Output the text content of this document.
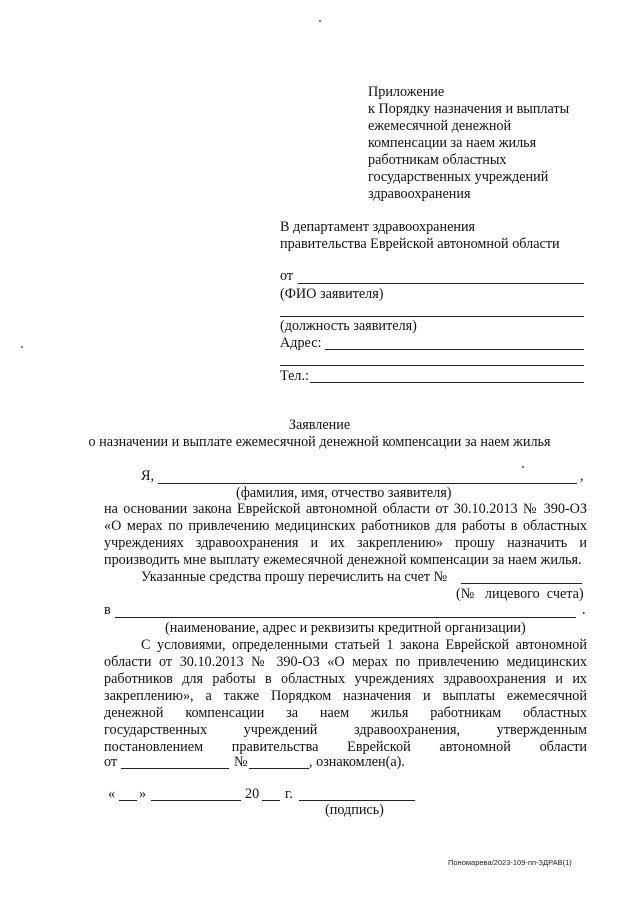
Приложение
к Порядку назначения и выплаты
ежемесячной денежной
компенсации за наем жилья
работникам областных
государственных учреждений
здравоохранения
В департамент здравоохранения
правительства Еврейской автономной области
от
(ФИО заявителя)
(должность заявителя)
Адрес:
Тел.:
Заявление
о назначении и выплате ежемесячной денежной компенсации за наем жилья
Я,	,
(фамилия, имя, отчество заявителя)
на основании закона Еврейской автономной области от 30.10.2013 № 390-ОЗ
«О мерах по привлечению медицинских работников для работы в областных
учреждениях здравоохранения и их закреплению» прошу назначить и
производить мне выплату ежемесячной денежной компенсации за наем жилья.
Указанные средства прошу перечислить на счет №
(№   лицевого  счета)
в	.
(наименование, адрес и реквизиты кредитной организации)
С условиями, определенными статьей 1 закона Еврейской автономной
области от 30.10.2013 № 390-ОЗ «О мерах по привлечению медицинских
работников для работы в областных учреждениях здравоохранения и их
закреплению», а также Порядком назначения и выплаты ежемесячной
денежной компенсации за наем жилья работникам областных
государственных учреждений здравоохранения, утвержденным
постановлением правительства Еврейской автономной области
от	№	, ознакомлен(а).
« »	20 г.
(подпись)
Пономарева/2023-109-пп-ЗДРАВ(1)
